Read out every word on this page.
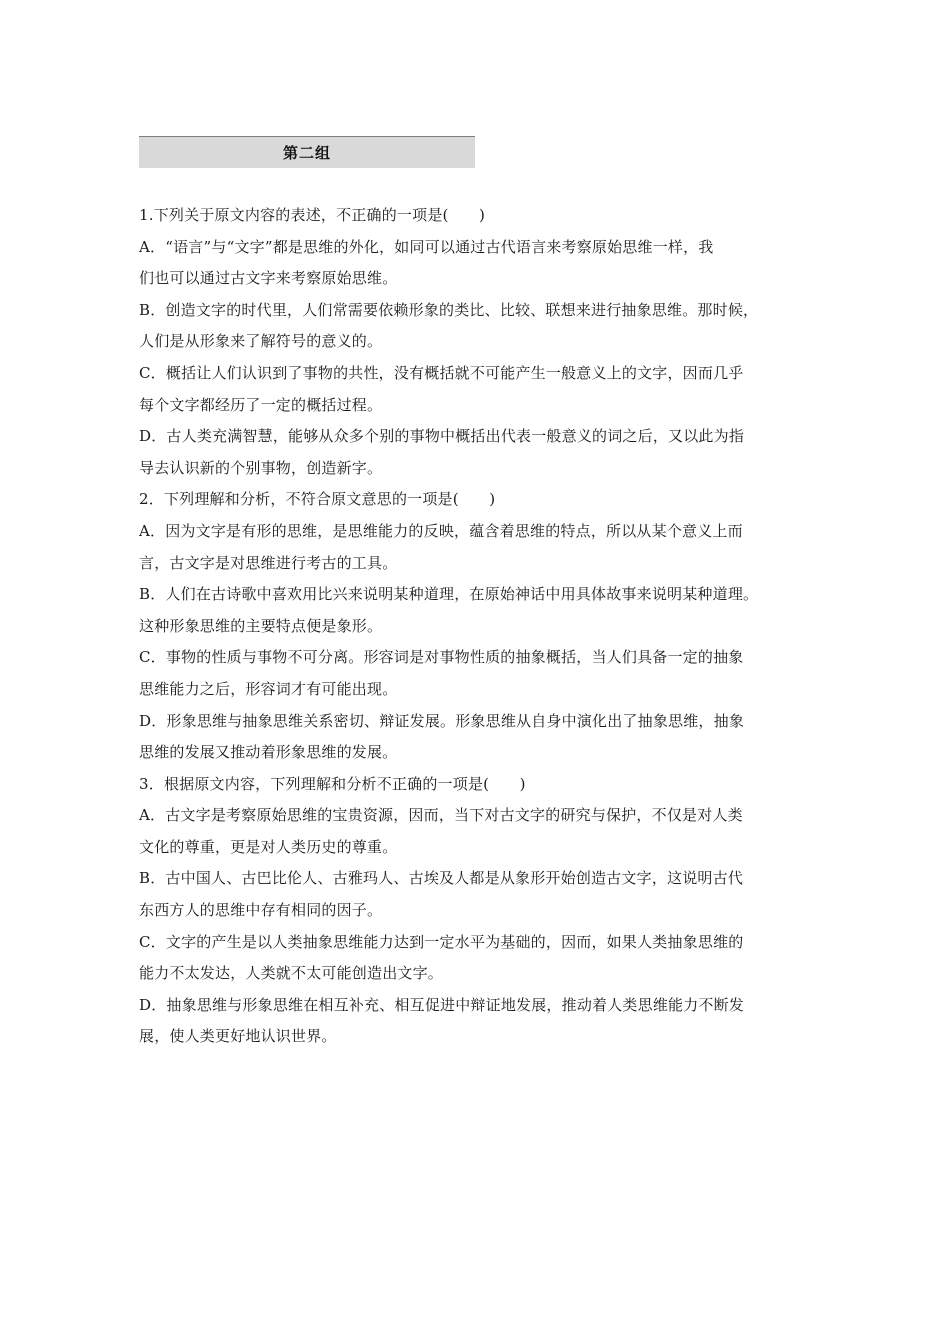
第二组
1.下列关于原文内容的表述，不正确的一项是(　　)
A．“语言”与“文字”都是思维的外化，如同可以通过古代语言来考察原始思维一样，我
们也可以通过古文字来考察原始思维。
B．创造文字的时代里，人们常需要依赖形象的类比、比较、联想来进行抽象思维。那时候，
人们是从形象来了解符号的意义的。
C．概括让人们认识到了事物的共性，没有概括就不可能产生一般意义上的文字，因而几乎
每个文字都经历了一定的概括过程。
D．古人类充满智慧，能够从众多个别的事物中概括出代表一般意义的词之后，又以此为指
导去认识新的个别事物，创造新字。
2．下列理解和分析，不符合原文意思的一项是(　　)
A．因为文字是有形的思维，是思维能力的反映，蕴含着思维的特点，所以从某个意义上而
言，古文字是对思维进行考古的工具。
B．人们在古诗歌中喜欢用比兴来说明某种道理，在原始神话中用具体故事来说明某种道理。
这种形象思维的主要特点便是象形。
C．事物的性质与事物不可分离。形容词是对事物性质的抽象概括，当人们具备一定的抽象
思维能力之后，形容词才有可能出现。
D．形象思维与抽象思维关系密切、辩证发展。形象思维从自身中演化出了抽象思维，抽象
思维的发展又推动着形象思维的发展。
3．根据原文内容，下列理解和分析不正确的一项是(　　)
A．古文字是考察原始思维的宝贵资源，因而，当下对古文字的研究与保护，不仅是对人类
文化的尊重，更是对人类历史的尊重。
B．古中国人、古巴比伦人、古雅玛人、古埃及人都是从象形开始创造古文字，这说明古代
东西方人的思维中存有相同的因子。
C．文字的产生是以人类抽象思维能力达到一定水平为基础的，因而，如果人类抽象思维的
能力不太发达，人类就不太可能创造出文字。
D．抽象思维与形象思维在相互补充、相互促进中辩证地发展，推动着人类思维能力不断发
展，使人类更好地认识世界。
